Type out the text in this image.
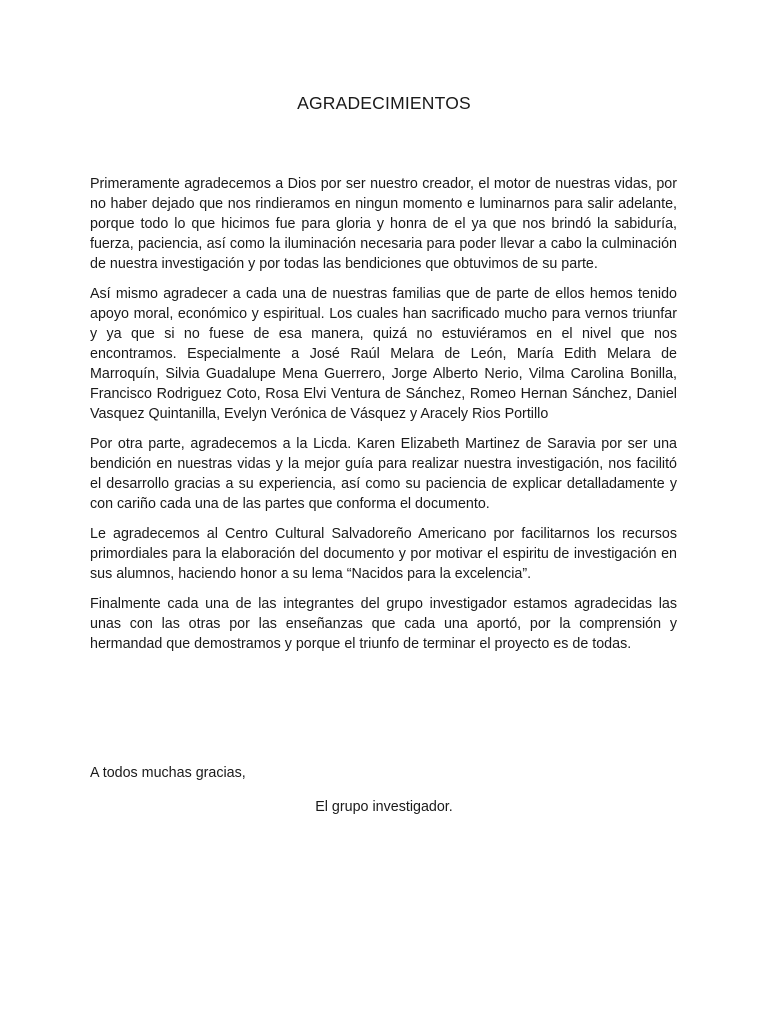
AGRADECIMIENTOS

Primeramente agradecemos a Dios por ser nuestro creador, el motor de nuestras vidas, por no haber dejado que nos rindieramos en ningun momento e luminarnos para salir adelante, porque todo lo que hicimos fue para gloria y honra de el ya que nos brindó la sabiduría, fuerza, paciencia, así como la iluminación necesaria para poder llevar a cabo la culminación de nuestra investigación y por todas las bendiciones que obtuvimos de su parte.

Así mismo agradecer a cada una de nuestras familias que de parte de ellos hemos tenido apoyo moral, económico y espiritual. Los cuales han sacrificado mucho para vernos triunfar y ya que si no fuese de esa manera, quizá no estuviéramos en el nivel que nos encontramos. Especialmente a José Raúl Melara de León, María Edith Melara de Marroquín, Silvia Guadalupe Mena Guerrero, Jorge Alberto Nerio, Vilma Carolina Bonilla, Francisco Rodriguez Coto, Rosa Elvi Ventura de Sánchez, Romeo Hernan Sánchez, Daniel Vasquez Quintanilla, Evelyn Verónica de Vásquez y Aracely Rios Portillo

Por otra parte, agradecemos a la Licda. Karen Elizabeth Martinez de Saravia por ser una bendición en nuestras vidas y la mejor guía para realizar nuestra investigación, nos facilitó el desarrollo gracias a su experiencia, así como su paciencia de explicar detalladamente y con cariño cada una de las partes que conforma el documento.

Le agradecemos al Centro Cultural Salvadoreño Americano por facilitarnos los recursos primordiales para la elaboración del documento y por motivar el espiritu de investigación en sus alumnos, haciendo honor a su lema “Nacidos para la excelencia”.

Finalmente cada una de las integrantes del grupo investigador estamos agradecidas las unas con las otras por las enseñanzas que cada una aportó, por la comprensión y hermandad que demostramos y porque el triunfo de terminar el proyecto es de todas.

A todos muchas gracias,

El grupo investigador.
